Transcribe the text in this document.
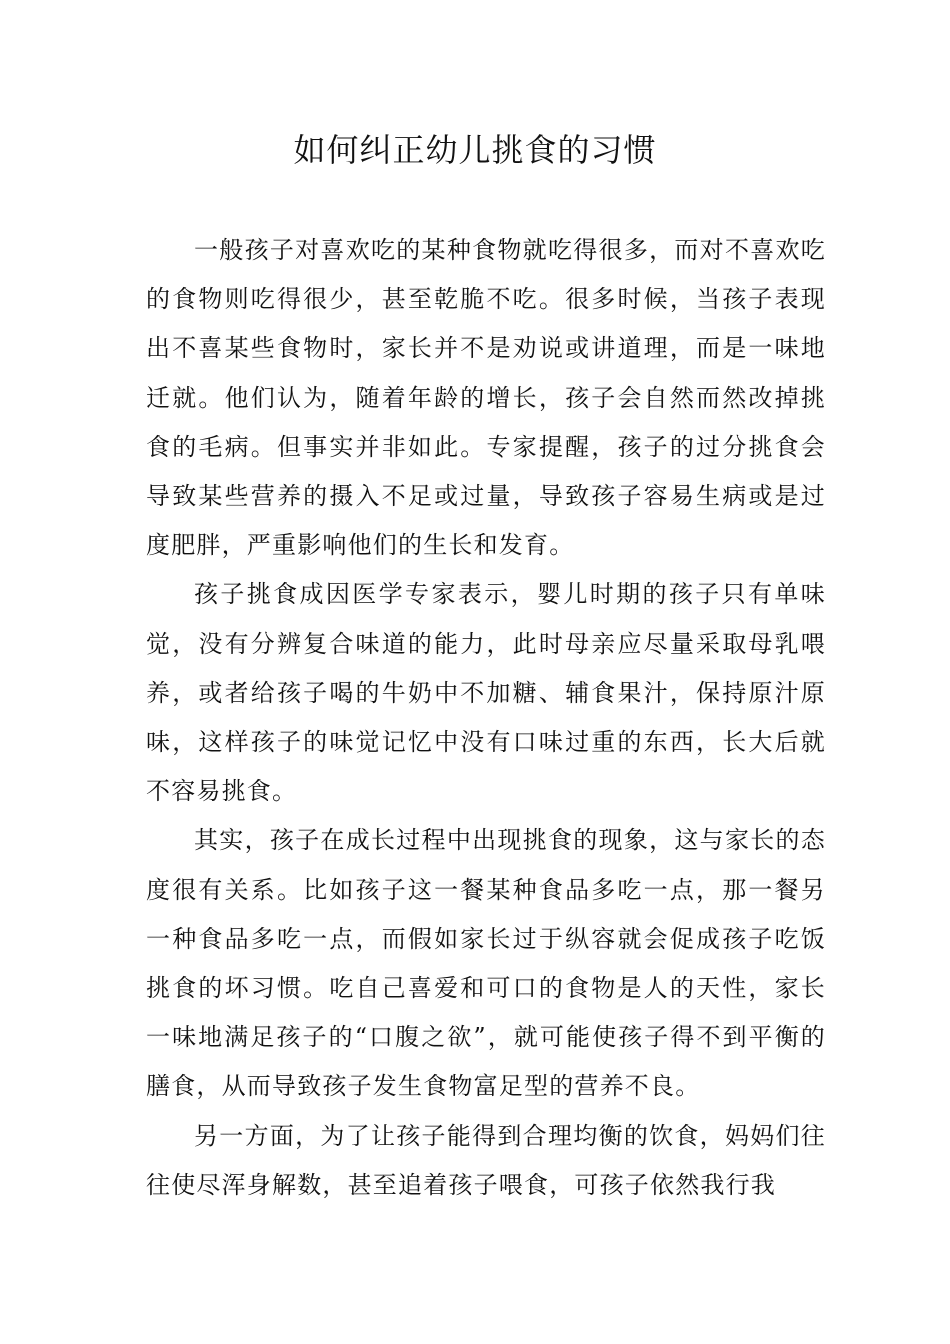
如何纠正幼儿挑食的习惯

一般孩子对喜欢吃的某种食物就吃得很多，而对不喜欢吃的食物则吃得很少，甚至乾脆不吃。很多时候，当孩子表现出不喜某些食物时，家长并不是劝说或讲道理，而是一味地迁就。他们认为，随着年龄的增长，孩子会自然而然改掉挑食的毛病。但事实并非如此。专家提醒，孩子的过分挑食会导致某些营养的摄入不足或过量，导致孩子容易生病或是过度肥胖，严重影响他们的生长和发育。

孩子挑食成因医学专家表示，婴儿时期的孩子只有单味觉，没有分辨复合味道的能力，此时母亲应尽量采取母乳喂养，或者给孩子喝的牛奶中不加糖、辅食果汁，保持原汁原味，这样孩子的味觉记忆中没有口味过重的东西，长大后就不容易挑食。

其实，孩子在成长过程中出现挑食的现象，这与家长的态度很有关系。比如孩子这一餐某种食品多吃一点，那一餐另一种食品多吃一点，而假如家长过于纵容就会促成孩子吃饭挑食的坏习惯。吃自己喜爱和可口的食物是人的天性，家长一味地满足孩子的“口腹之欲”，就可能使孩子得不到平衡的膳食，从而导致孩子发生食物富足型的营养不良。

另一方面，为了让孩子能得到合理均衡的饮食，妈妈们往往使尽浑身解数，甚至追着孩子喂食，可孩子依然我行我
